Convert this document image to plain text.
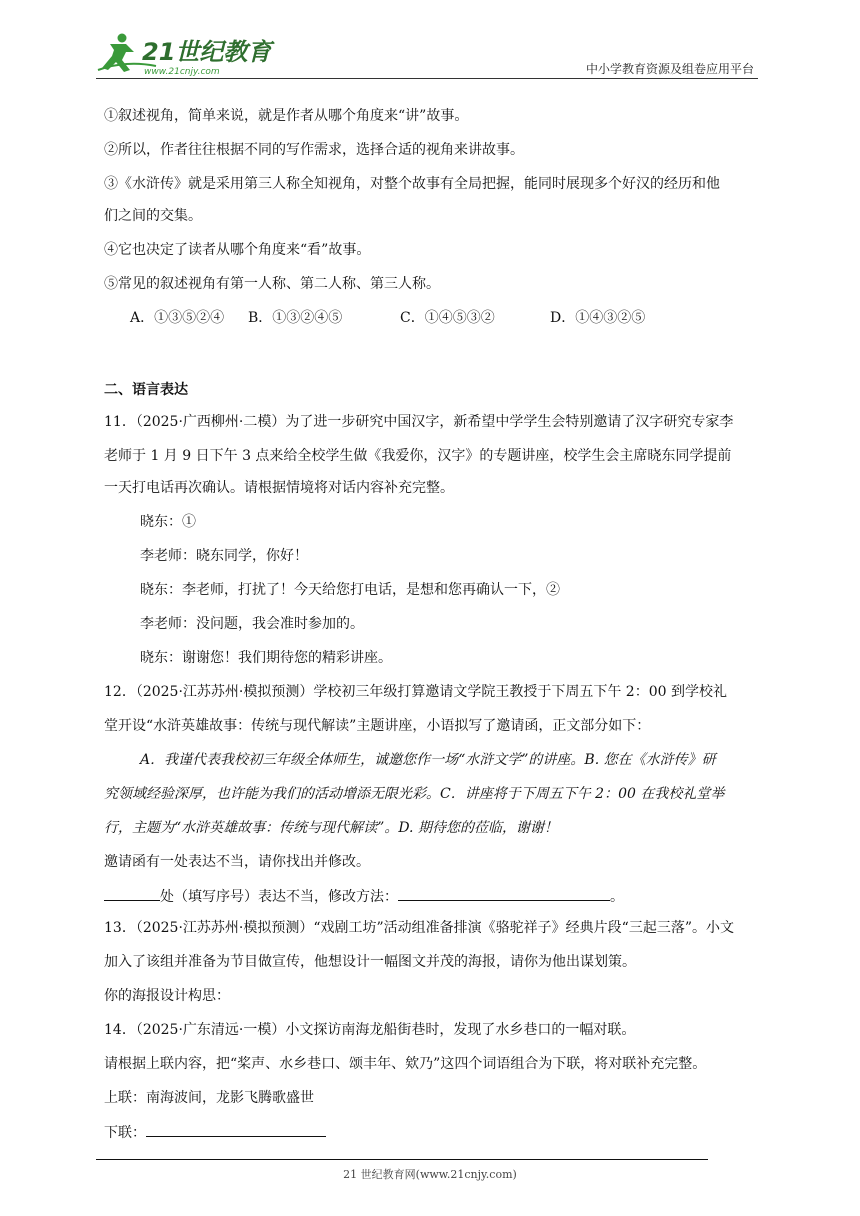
21世纪教育
www.21cnjy.com	中小学教育资源及组卷应用平台
①叙述视角，简单来说，就是作者从哪个角度来“讲”故事。
②所以，作者往往根据不同的写作需求，选择合适的视角来讲故事。
③《水浒传》就是采用第三人称全知视角，对整个故事有全局把握，能同时展现多个好汉的经历和他
们之间的交集。
④它也决定了读者从哪个角度来“看”故事。
⑤常见的叙述视角有第一人称、第二人称、第三人称。
A．①③⑤②④ B．①③②④⑤	C．①④⑤③②	D．①④③②⑤
二、语言表达
11．（2025·广西柳州·二模）为了进一步研究中国汉字，新希望中学学生会特别邀请了汉字研究专家李
老师于 1 月 9 日下午 3 点来给全校学生做《我爱你，汉字》的专题讲座，校学生会主席晓东同学提前
一天打电话再次确认。请根据情境将对话内容补充完整。
晓东：①
李老师：晓东同学，你好！
晓东：李老师，打扰了！今天给您打电话，是想和您再确认一下，②
李老师：没问题，我会准时参加的。
晓东：谢谢您！我们期待您的精彩讲座。
12．（2025·江苏苏州·模拟预测）学校初三年级打算邀请文学院王教授于下周五下午 2：00 到学校礼
堂开设“水浒英雄故事：传统与现代解读”主题讲座，小语拟写了邀请函，正文部分如下：
A．我谨代表我校初三年级全体师生，诚邀您作一场“水浒文学”的讲座。B. 您在《水浒传》研
究领域经验深厚，也许能为我们的活动增添无限光彩。C．讲座将于下周五下午 2：00 在我校礼堂举
行，主题为“水浒英雄故事：传统与现代解读”。D. 期待您的莅临，谢谢！
邀请函有一处表达不当，请你找出并修改。
处（填写序号）表达不当，修改方法：	。
13．（2025·江苏苏州·模拟预测）“戏剧工坊”活动组准备排演《骆驼祥子》经典片段“三起三落”。小文
加入了该组并准备为节目做宣传，他想设计一幅图文并茂的海报，请你为他出谋划策。
你的海报设计构思：
14．（2025·广东清远·一模）小文探访南海龙船街巷时，发现了水乡巷口的一幅对联。
请根据上联内容，把“桨声、水乡巷口、颂丰年、欸乃”这四个词语组合为下联，将对联补充完整。
上联：南海波间，龙影飞腾歌盛世
下联：
21 世纪教育网(www.21cnjy.com)
